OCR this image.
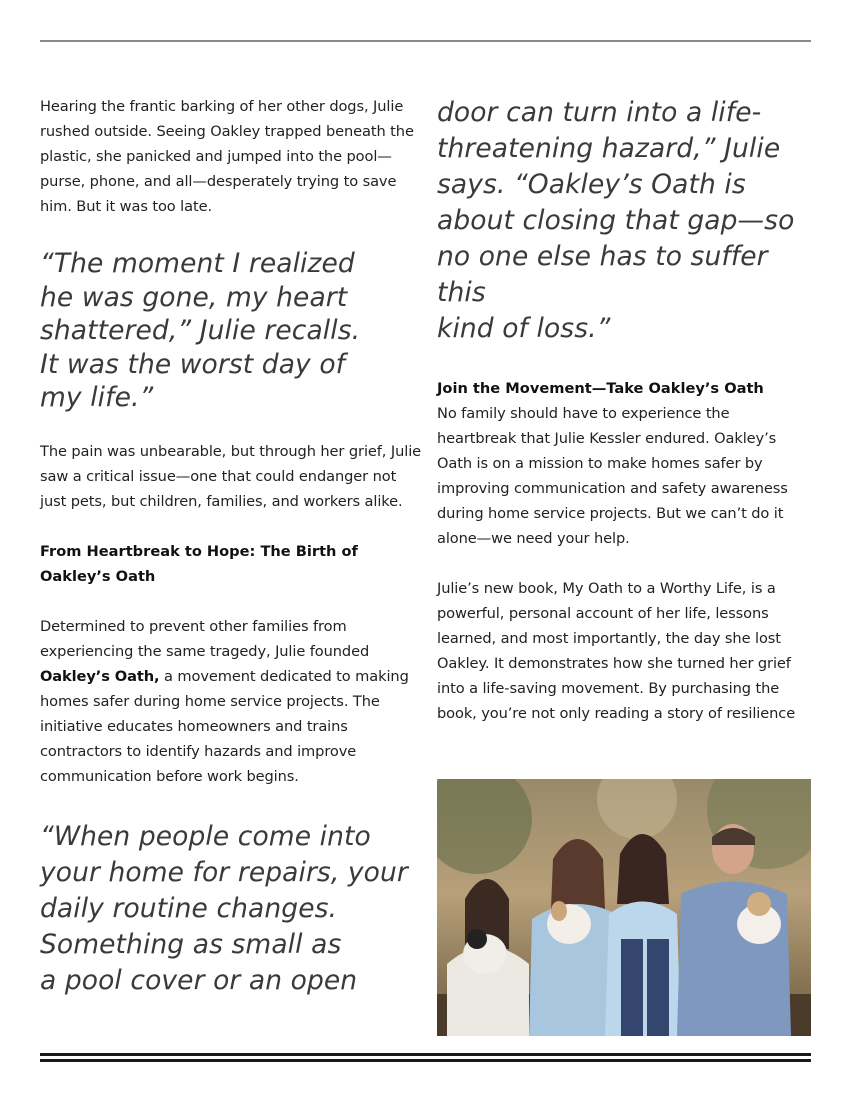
Hearing the frantic barking of her other dogs, Julie rushed outside. Seeing Oakley trapped beneath the plastic, she panicked and jumped into the pool—purse, phone, and all—desperately trying to save him. But it was too late.

“The moment I realized
he was gone, my heart
shattered,” Julie recalls.
It was the worst day of
my life.”

The pain was unbearable, but through her grief, Julie saw a critical issue—one that could endanger not just pets, but children, families, and workers alike.

From Heartbreak to Hope: The Birth of
Oakley’s Oath

Determined to prevent other families from experiencing the same tragedy, Julie founded Oakley’s Oath, a movement dedicated to making homes safer during home service projects. The initiative educates homeowners and trains contractors to identify hazards and improve communication before work begins.

“When people come into
your home for repairs, your
daily routine changes.
Something as small as
a pool cover or an open
door can turn into a life-
threatening hazard,” Julie
says. “Oakley’s Oath is
about closing that gap—so
no one else has to suffer this
kind of loss.”
Join the Movement—Take Oakley’s Oath

No family should have to experience the heartbreak that Julie Kessler endured. Oakley’s Oath is on a mission to make homes safer by improving communication and safety awareness during home service projects. But we can’t do it alone—we need your help.

Julie’s new book, My Oath to a Worthy Life, is a powerful, personal account of her life, lessons learned, and most importantly, the day she lost Oakley. It demonstrates how she turned her grief into a life-saving movement. By purchasing the book, you’re not only reading a story of resilience
